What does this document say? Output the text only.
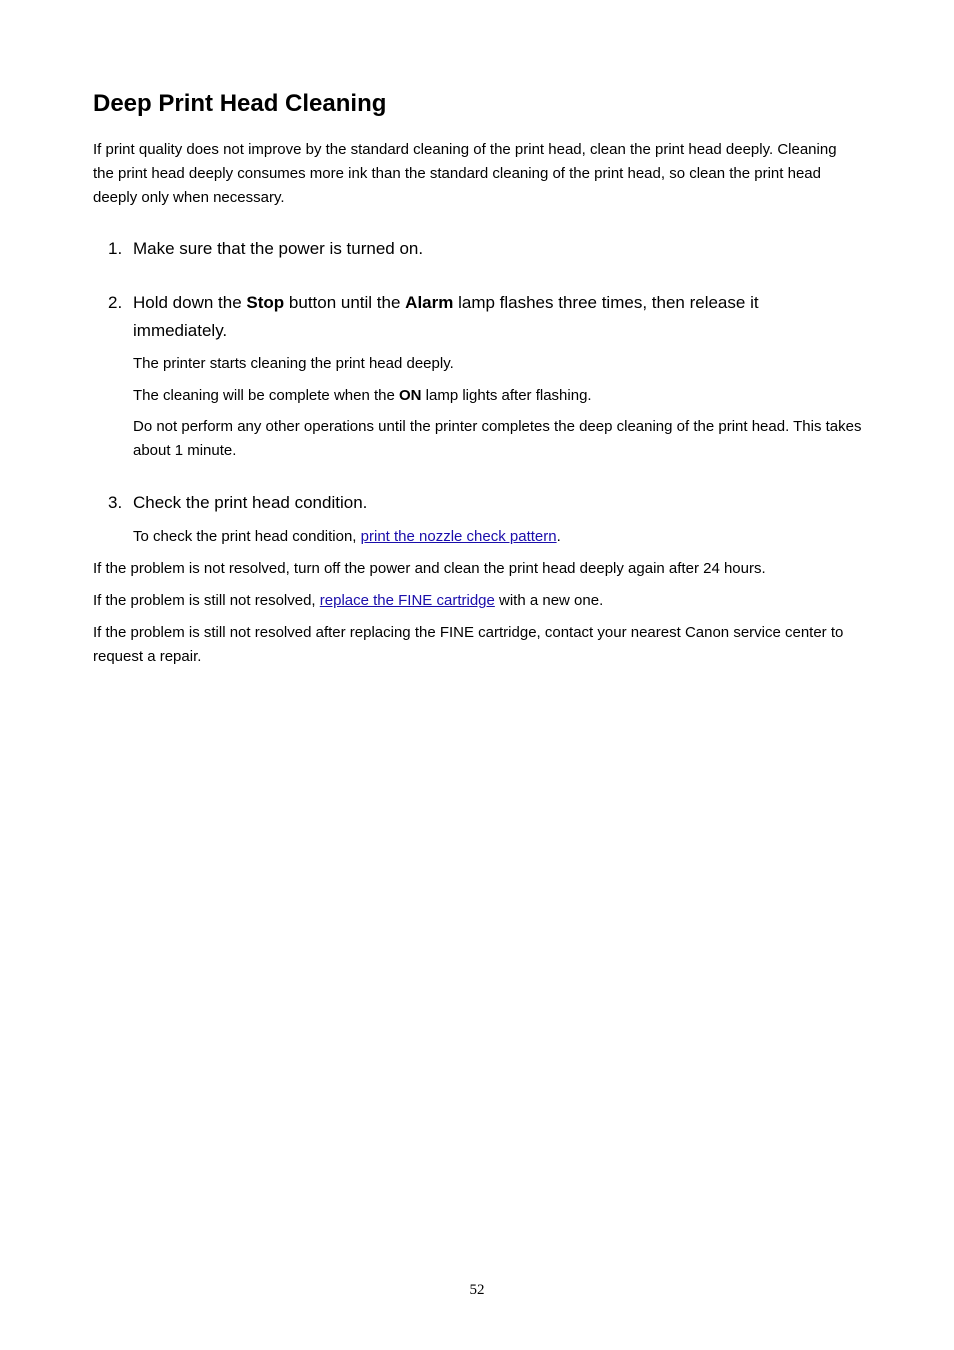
Deep Print Head Cleaning

If print quality does not improve by the standard cleaning of the print head, clean the print head deeply. Cleaning the print head deeply consumes more ink than the standard cleaning of the print head, so clean the print head deeply only when necessary.

1. Make sure that the power is turned on.
2. Hold down the Stop button until the Alarm lamp flashes three times, then release it immediately.

The printer starts cleaning the print head deeply.

The cleaning will be complete when the ON lamp lights after flashing.

Do not perform any other operations until the printer completes the deep cleaning of the print head. This takes about 1 minute.

3. Check the print head condition.

To check the print head condition, print the nozzle check pattern.

If the problem is not resolved, turn off the power and clean the print head deeply again after 24 hours.

If the problem is still not resolved, replace the FINE cartridge with a new one.

If the problem is still not resolved after replacing the FINE cartridge, contact your nearest Canon service center to request a repair.

52
